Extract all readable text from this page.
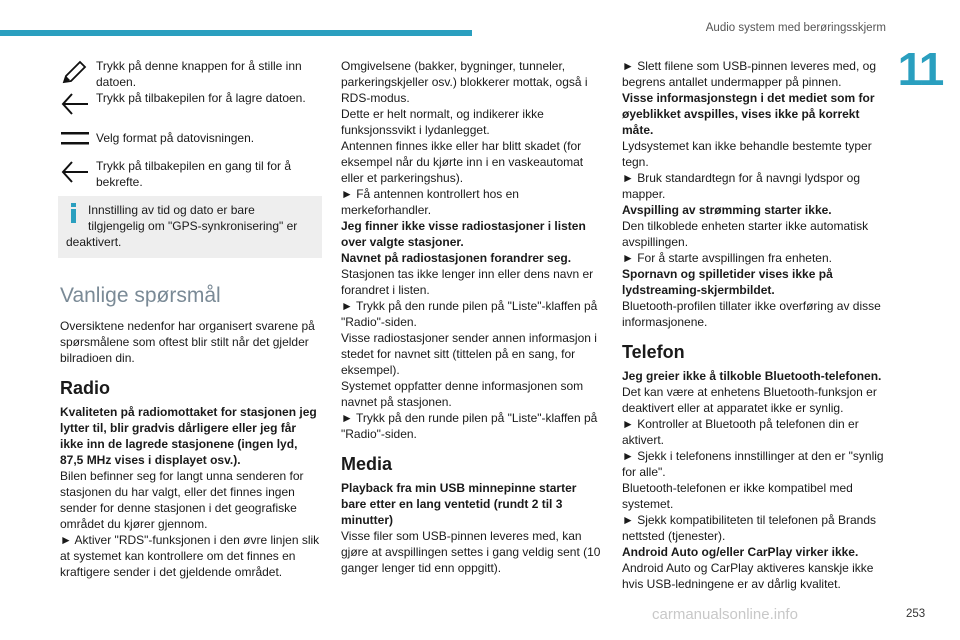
Audio system med berøringsskjerm
11
Trykk på denne knappen for å stille inn datoen.
Trykk på tilbakepilen for å lagre datoen.
Velg format på datovisningen.
Trykk på tilbakepilen en gang til for å bekrefte.
Innstilling av tid og dato er bare tilgjengelig om "GPS-synkronisering" er deaktivert.
Vanlige spørsmål

Oversiktene nedenfor har organisert svarene på spørsmålene som oftest blir stilt når det gjelder bilradioen din.

Radio

Kvaliteten på radiomottaket for stasjonen jeg lytter til, blir gradvis dårligere eller jeg får ikke inn de lagrede stasjonene (ingen lyd, 87,5 MHz vises i displayet osv.).

Bilen befinner seg for langt unna senderen for stasjonen du har valgt, eller det finnes ingen sender for denne stasjonen i det geografiske området du kjører gjennom.

► Aktiver "RDS"-funksjonen i den øvre linjen slik at systemet kan kontrollere om det finnes en kraftigere sender i det gjeldende området.

Omgivelsene (bakker, bygninger, tunneler, parkeringskjeller osv.) blokkerer mottak, også i RDS-modus.

Dette er helt normalt, og indikerer ikke funksjonssvikt i lydanlegget.

Antennen finnes ikke eller har blitt skadet (for eksempel når du kjørte inn i en vaskeautomat eller et parkeringshus).

► Få antennen kontrollert hos en merkeforhandler.

Jeg finner ikke visse radiostasjoner i listen over valgte stasjoner.

Navnet på radiostasjonen forandrer seg.

Stasjonen tas ikke lenger inn eller dens navn er forandret i listen.

► Trykk på den runde pilen på "Liste"-klaffen på "Radio"-siden.

Visse radiostasjoner sender annen informasjon i stedet for navnet sitt (tittelen på en sang, for eksempel).

Systemet oppfatter denne informasjonen som navnet på stasjonen.

► Trykk på den runde pilen på "Liste"-klaffen på "Radio"-siden.

Media

Playback fra min USB minnepinne starter bare etter en lang ventetid (rundt 2 til 3 minutter)

Visse filer som USB-pinnen leveres med, kan gjøre at avspillingen settes i gang veldig sent (10 ganger lenger tid enn oppgitt).

► Slett filene som USB-pinnen leveres med, og begrens antallet undermapper på pinnen.

Visse informasjonstegn i det mediet som for øyeblikket avspilles, vises ikke på korrekt måte.

Lydsystemet kan ikke behandle bestemte typer tegn.

► Bruk standardtegn for å navngi lydspor og mapper.

Avspilling av strømming starter ikke.

Den tilkoblede enheten starter ikke automatisk avspillingen.

► For å starte avspillingen fra enheten.

Spornavn og spilletider vises ikke på lydstreaming-skjermbildet.

Bluetooth-profilen tillater ikke overføring av disse informasjonene.

Telefon

Jeg greier ikke å tilkoble Bluetooth-telefonen.

Det kan være at enhetens Bluetooth-funksjon er deaktivert eller at apparatet ikke er synlig.

► Kontroller at Bluetooth på telefonen din er aktivert.

► Sjekk i telefonens innstillinger at den er "synlig for alle".

Bluetooth-telefonen er ikke kompatibel med systemet.

► Sjekk kompatibiliteten til telefonen på Brands nettsted (tjenester).

Android Auto og/eller CarPlay virker ikke.

Android Auto og CarPlay aktiveres kanskje ikke hvis USB-ledningene er av dårlig kvalitet.

carmanualsonline.info	253
